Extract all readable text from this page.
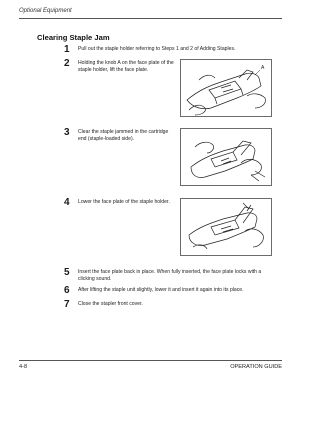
Optional Equipment
Clearing Staple Jam
1 Pull out the staple holder referring to Steps 1 and 2 of Adding Staples.
2 Holding the knob A on the face plate of the staple holder, lift the face plate.	A
3 Clear the staple jammed in the cartridge end (staple-loaded side).
4 Lower the face plate of the staple holder.
5 Insert the face plate back in place. When fully inserted, the face plate locks with a clicking sound.
6 After lifting the staple unit slightly, lower it and insert it again into its place.
7 Close the stapler front cover.
4-8	OPERATION GUIDE
